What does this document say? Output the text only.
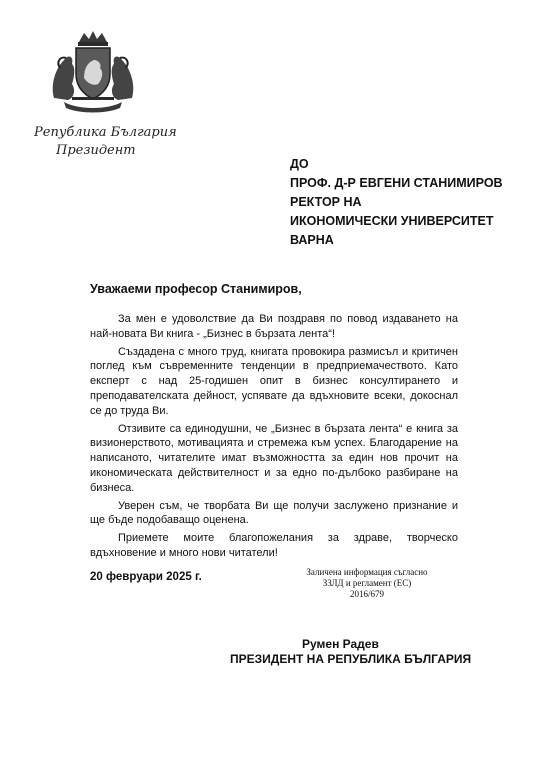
Република България
Президент
ДО
ПРОФ. Д-Р ЕВГЕНИ СТАНИМИРОВ
РЕКТОР НА
ИКОНОМИЧЕСКИ УНИВЕРСИТЕТ
ВАРНА
Уважаеми професор Станимиров,

За мен е удоволствие да Ви поздравя по повод издаването на най-новата Ви книга - „Бизнес в бързата лента“!

Създадена с много труд, книгата провокира размисъл и критичен поглед към съвременните тенденции в предприемачеството. Като експерт с над 25-годишен опит в бизнес консултирането и преподавателската дейност, успявате да вдъхновите всеки, докоснал се до труда Ви.

Отзивите са единодушни, че „Бизнес в бързата лента“ е книга за визионерството, мотивацията и стремежа към успех. Благодарение на написаното, читателите имат възможността за един нов прочит на икономическата действителност и за едно по-дълбоко разбиране на бизнеса.

Уверен съм, че творбата Ви ще получи заслужено признание и ще бъде подобаващо оценена.

Приемете моите благопожелания за здраве, творческо вдъхновение и много нови читатели!

20 февруари 2025 г.	Заличена информация съгласно
ЗЗЛД и регламент (ЕС)
2016/679
Румен Радев
ПРЕЗИДЕНТ НА РЕПУБЛИКА БЪЛГАРИЯ
